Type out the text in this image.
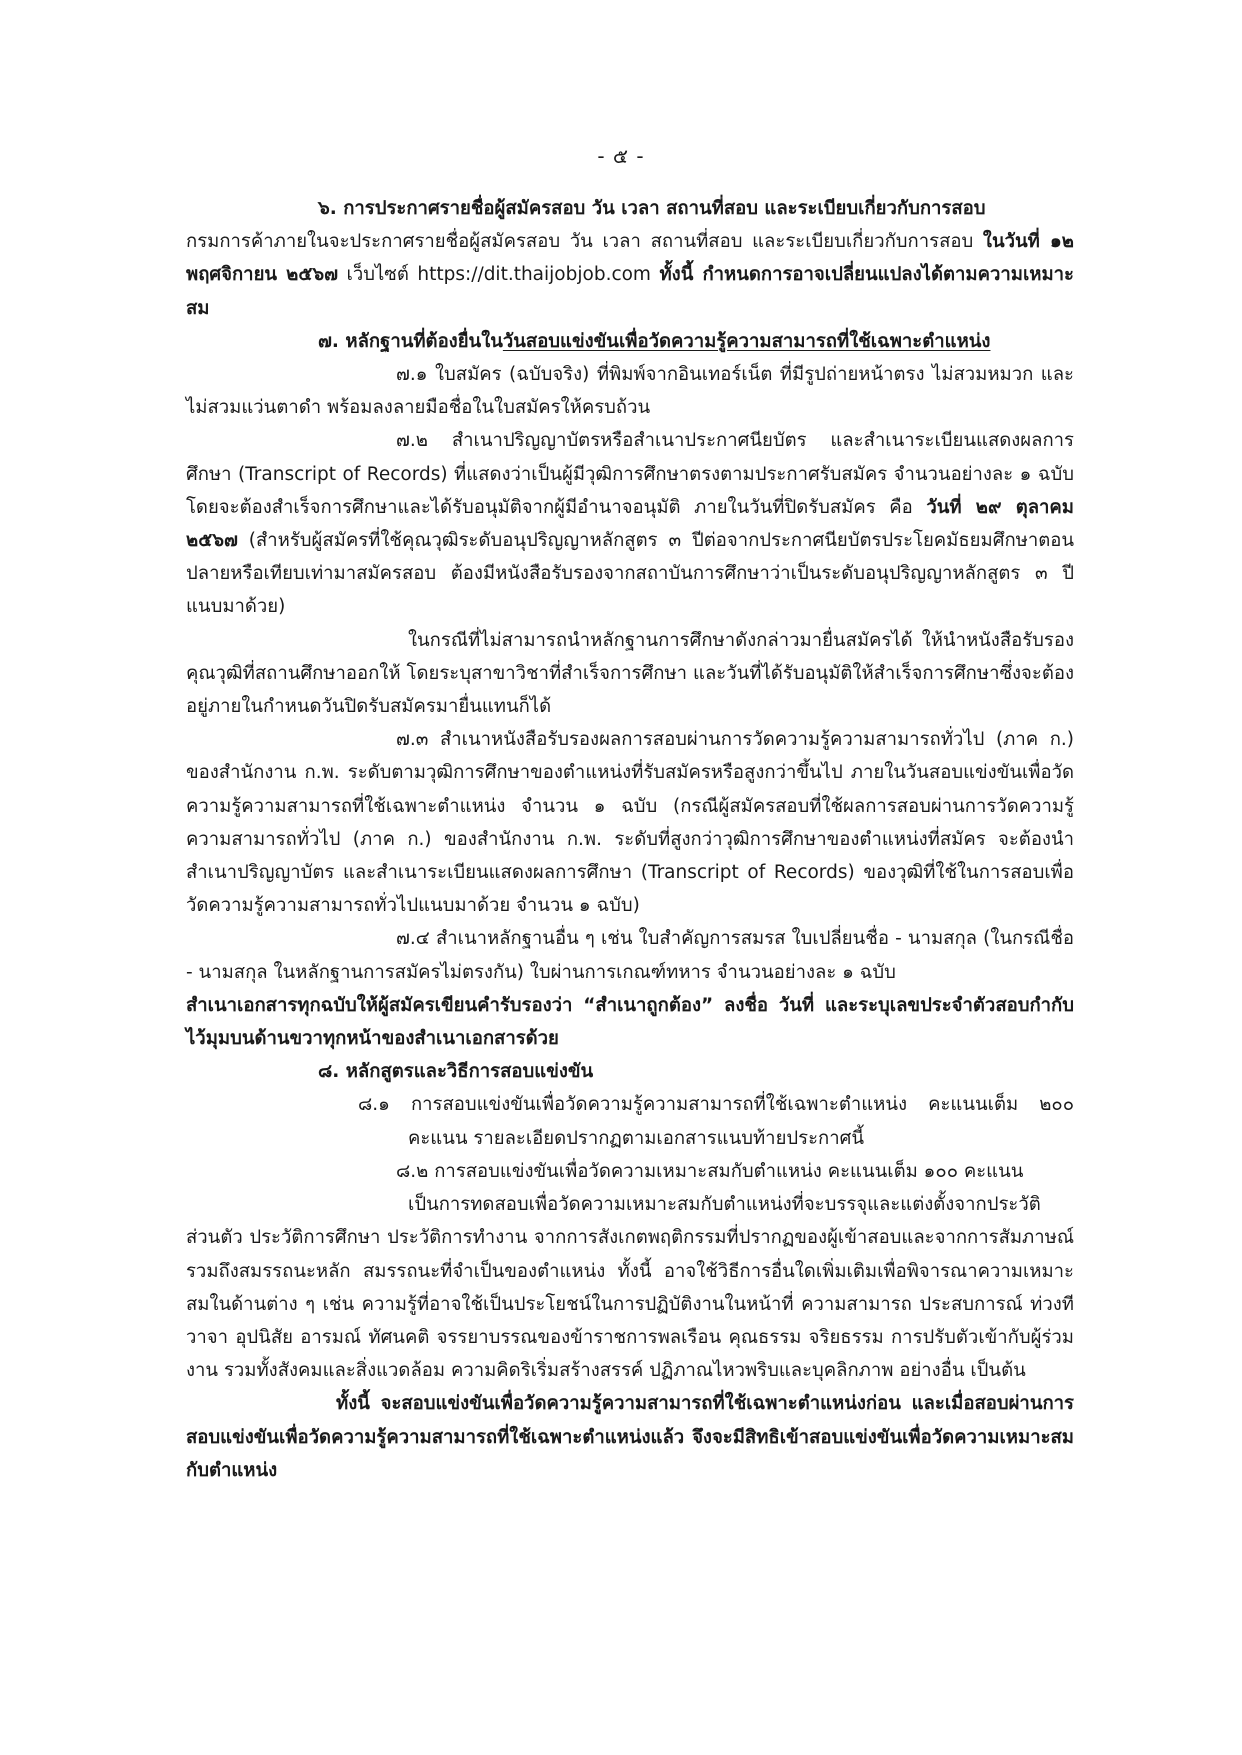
- ๕ -

๖. การประกาศรายชื่อผู้สมัครสอบ วัน เวลา สถานที่สอบ และระเบียบเกี่ยวกับการสอบ

กรมการค้าภายในจะประกาศรายชื่อผู้สมัครสอบ วัน เวลา สถานที่สอบ และระเบียบเกี่ยวกับการสอบ ในวันที่ ๑๒ พฤศจิกายน ๒๕๖๗ เว็บไซต์ https://dit.thaijobjob.com ทั้งนี้ กำหนดการอาจเปลี่ยนแปลงได้ตามความเหมาะสม

๗. หลักฐานที่ต้องยื่นในวันสอบแข่งขันเพื่อวัดความรู้ความสามารถที่ใช้เฉพาะตำแหน่ง

๗.๑ ใบสมัคร (ฉบับจริง) ที่พิมพ์จากอินเทอร์เน็ต ที่มีรูปถ่ายหน้าตรง ไม่สวมหมวก และไม่สวมแว่นตาดำ พร้อมลงลายมือชื่อในใบสมัครให้ครบถ้วน

๗.๒ สำเนาปริญญาบัตรหรือสำเนาประกาศนียบัตร และสำเนาระเบียนแสดงผลการศึกษา (Transcript of Records) ที่แสดงว่าเป็นผู้มีวุฒิการศึกษาตรงตามประกาศรับสมัคร จำนวนอย่างละ ๑ ฉบับ โดยจะต้องสำเร็จการศึกษาและได้รับอนุมัติจากผู้มีอำนาจอนุมัติ ภายในวันที่ปิดรับสมัคร คือ วันที่ ๒๙ ตุลาคม ๒๕๖๗ (สำหรับผู้สมัครที่ใช้คุณวุฒิระดับอนุปริญญาหลักสูตร ๓ ปีต่อจากประกาศนียบัตรประโยคมัธยมศึกษาตอนปลายหรือเทียบเท่ามาสมัครสอบ ต้องมีหนังสือรับรองจากสถาบันการศึกษาว่าเป็นระดับอนุปริญญาหลักสูตร ๓ ปีแนบมาด้วย)

ในกรณีที่ไม่สามารถนำหลักฐานการศึกษาดังกล่าวมายื่นสมัครได้ ให้นำหนังสือรับรองคุณวุฒิที่สถานศึกษาออกให้ โดยระบุสาขาวิชาที่สำเร็จการศึกษา และวันที่ได้รับอนุมัติให้สำเร็จการศึกษาซึ่งจะต้องอยู่ภายในกำหนดวันปิดรับสมัครมายื่นแทนก็ได้

๗.๓ สำเนาหนังสือรับรองผลการสอบผ่านการวัดความรู้ความสามารถทั่วไป (ภาค ก.) ของสำนักงาน ก.พ. ระดับตามวุฒิการศึกษาของตำแหน่งที่รับสมัครหรือสูงกว่าขึ้นไป ภายในวันสอบแข่งขันเพื่อวัดความรู้ความสามารถที่ใช้เฉพาะตำแหน่ง จำนวน ๑ ฉบับ (กรณีผู้สมัครสอบที่ใช้ผลการสอบผ่านการวัดความรู้ความสามารถทั่วไป (ภาค ก.) ของสำนักงาน ก.พ. ระดับที่สูงกว่าวุฒิการศึกษาของตำแหน่งที่สมัคร จะต้องนำสำเนาปริญญาบัตร และสำเนาระเบียนแสดงผลการศึกษา (Transcript of Records) ของวุฒิที่ใช้ในการสอบเพื่อวัดความรู้ความสามารถทั่วไปแนบมาด้วย จำนวน ๑ ฉบับ)

๗.๔ สำเนาหลักฐานอื่น ๆ เช่น ใบสำคัญการสมรส ใบเปลี่ยนชื่อ - นามสกุล (ในกรณีชื่อ - นามสกุล ในหลักฐานการสมัครไม่ตรงกัน) ใบผ่านการเกณฑ์ทหาร จำนวนอย่างละ ๑ ฉบับ

สำเนาเอกสารทุกฉบับให้ผู้สมัครเขียนคำรับรองว่า “สำเนาถูกต้อง” ลงชื่อ วันที่ และระบุเลขประจำตัวสอบกำกับไว้มุมบนด้านขวาทุกหน้าของสำเนาเอกสารด้วย

๘. หลักสูตรและวิธีการสอบแข่งขัน

๘.๑ การสอบแข่งขันเพื่อวัดความรู้ความสามารถที่ใช้เฉพาะตำแหน่ง คะแนนเต็ม ๒๐๐ คะแนน รายละเอียดปรากฏตามเอกสารแนบท้ายประกาศนี้

๘.๒ การสอบแข่งขันเพื่อวัดความเหมาะสมกับตำแหน่ง คะแนนเต็ม ๑๐๐ คะแนน

เป็นการทดสอบเพื่อวัดความเหมาะสมกับตำแหน่งที่จะบรรจุและแต่งตั้งจากประวัติส่วนตัว ประวัติการศึกษา ประวัติการทำงาน จากการสังเกตพฤติกรรมที่ปรากฏของผู้เข้าสอบและจากการสัมภาษณ์ รวมถึงสมรรถนะหลัก สมรรถนะที่จำเป็นของตำแหน่ง ทั้งนี้ อาจใช้วิธีการอื่นใดเพิ่มเติมเพื่อพิจารณาความเหมาะสมในด้านต่าง ๆ เช่น ความรู้ที่อาจใช้เป็นประโยชน์ในการปฏิบัติงานในหน้าที่ ความสามารถ ประสบการณ์ ท่วงทีวาจา อุปนิสัย อารมณ์ ทัศนคติ จรรยาบรรณของข้าราชการพลเรือน คุณธรรม จริยธรรม การปรับตัวเข้ากับผู้ร่วมงาน รวมทั้งสังคมและสิ่งแวดล้อม ความคิดริเริ่มสร้างสรรค์ ปฏิภาณไหวพริบและบุคลิกภาพ อย่างอื่น เป็นต้น

ทั้งนี้ จะสอบแข่งขันเพื่อวัดความรู้ความสามารถที่ใช้เฉพาะตำแหน่งก่อน และเมื่อสอบผ่านการสอบแข่งขันเพื่อวัดความรู้ความสามารถที่ใช้เฉพาะตำแหน่งแล้ว จึงจะมีสิทธิเข้าสอบแข่งขันเพื่อวัดความเหมาะสมกับตำแหน่ง
